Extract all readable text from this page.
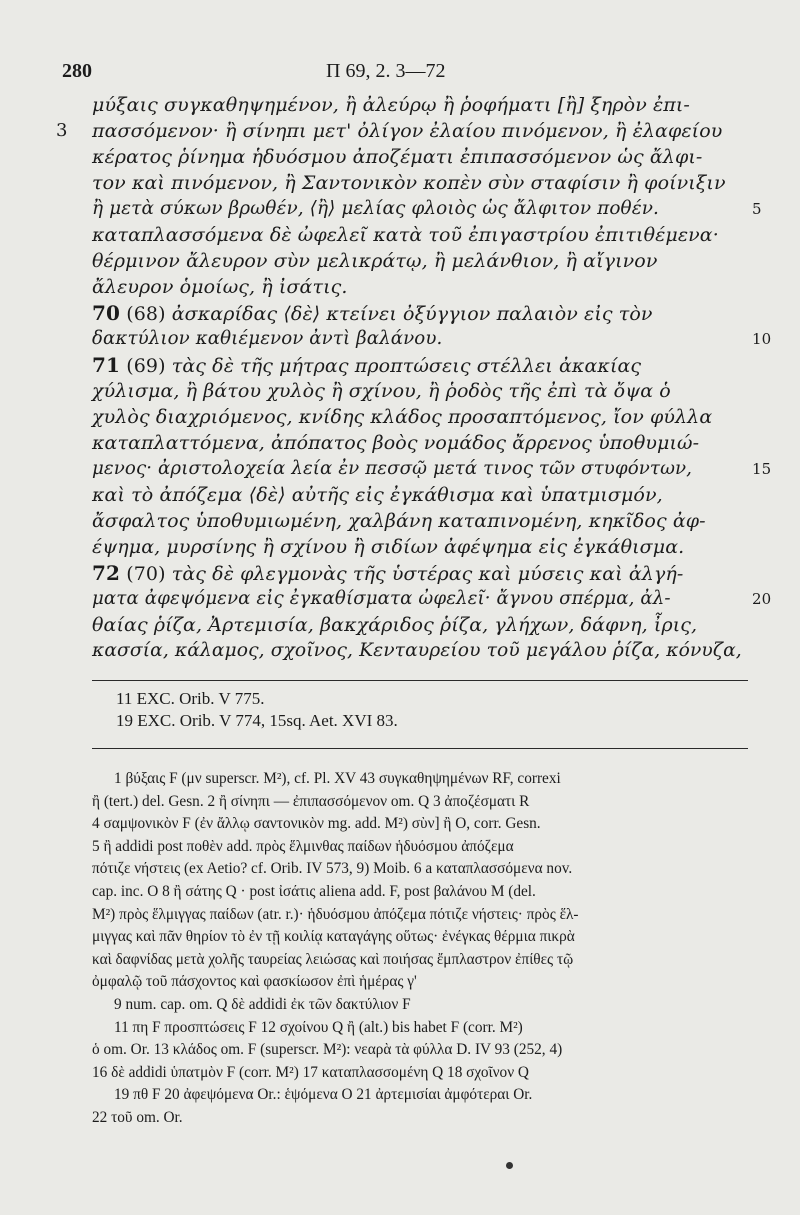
280	Π 69, 2. 3—72
μύξαις συγκαθηψημένον, ἢ ἀλεύρῳ ἢ ῥοφήματι [ἢ] ξηρὸν ἐπι-
πασσόμενον· ἢ σίνηπι μετ' ὀλίγον ἐλαίου πινόμενον, ἢ ἐλαφείου
3
κέρατος ῥίνημα ἡδυόσμου ἀποζέματι ἐπιπασσόμενον ὡς ἄλφι-
τον καὶ πινόμενον, ἢ Σαντονικὸν κοπὲν σὺν σταφίσιν ἢ φοίνιξιν
ἢ μετὰ σύκων βρωθέν, ⟨ἢ⟩ μελίας φλοιὸς ὡς ἄλφιτον ποθέν.	5
καταπλασσόμενα δὲ ὠφελεῖ κατὰ τοῦ ἐπιγαστρίου ἐπιτιθέμενα·
θέρμινον ἄλευρον σὺν μελικράτῳ, ἢ μελάνθιον, ἢ αἴγινον
ἄλευρον ὁμοίως, ἢ ἰσάτις.
70 (68) ἀσκαρίδας ⟨δὲ⟩ κτείνει ὀξύγγιον παλαιὸν εἰς τὸν
δακτύλιον καθιέμενον ἀντὶ βαλάνου.	10
71 (69) τὰς δὲ τῆς μήτρας προπτώσεις στέλλει ἀκακίας
χύλισμα, ἢ βάτου χυλὸς ἢ σχίνου, ἢ ῥοδὸς τῆς ἐπὶ τὰ ὄψα ὁ
χυλὸς διαχριόμενος, κνίδης κλάδος προσαπτόμενος, ἴον φύλλα
καταπλαττόμενα, ἀπόπατος βοὸς νομάδος ἄρρενος ὑποθυμιώ-
μενος· ἀριστολοχεία λεία ἐν πεσσῷ μετά τινος τῶν στυφόντων,	15
καὶ τὸ ἀπόζεμα ⟨δὲ⟩ αὐτῆς εἰς ἐγκάθισμα καὶ ὑπατμισμόν,
ἄσφαλτος ὑποθυμιωμένη, χαλβάνη καταπινομένη, κηκῖδος ἀφ-
έψημα, μυρσίνης ἢ σχίνου ἢ σιδίων ἀφέψημα εἰς ἐγκάθισμα.
72 (70) τὰς δὲ φλεγμονὰς τῆς ὑστέρας καὶ μύσεις καὶ ἀλγή-
ματα ἀφεψόμενα εἰς ἐγκαθίσματα ὠφελεῖ· ἄγνου σπέρμα, ἀλ-	20
θαίας ῥίζα, Ἀρτεμισία, βακχάριδος ῥίζα, γλήχων, δάφνη, ἶρις,
κασσία, κάλαμος, σχοῖνος, Κενταυρείου τοῦ μεγάλου ῥίζα, κόνυζα,
11 EXC. Orib. V 775.
19 EXC. Orib. V 774, 15sq. Aet. XVI 83.
1 βύξαις F (μν superscr. M²), cf. Pl. XV 43 συγκαθηψημένων RF, correxi
ἢ (tert.) del. Gesn. 2 ἢ σίνηπι — ἐπιπασσόμενον om. Q 3 ἀποζέσματι R
4 σαμψονικὸν F (ἐν ἄλλῳ σαντονικὸν mg. add. M²) σὺν] ἢ O, corr. Gesn.
5 ἢ addidi post ποθὲν add. πρὸς ἕλμινθας παίδων ἡδυόσμου ἀπόζεμα
πότιζε νήστεις (ex Aetio? cf. Orib. IV 573, 9) Moib. 6 a καταπλασσόμενα nov.
cap. inc. O 8 ἢ σάτης Q · post ἰσάτις aliena add. F, post βαλάνου M (del.
M²) πρὸς ἕλμιγγας παίδων (atr. r.)· ἡδυόσμου ἀπόζεμα πότιζε νήστεις· πρὸς ἕλ-
μιγγας καὶ πᾶν θηρίον τὸ ἐν τῇ κοιλίᾳ καταγάγης οὕτως· ἐνέγκας θέρμια πικρὰ
καὶ δαφνίδας μετὰ χολῆς ταυρείας λειώσας καὶ ποιήσας ἔμπλαστρον ἐπίθες τῷ
ὀμφαλῷ τοῦ πάσχοντος καὶ φασκίωσον ἐπὶ ἡμέρας γ'
9 num. cap. om. Q δὲ addidi ἐκ τῶν δακτύλιον F
11 πη F προσπτώσεις F 12 σχοίνου Q ἢ (alt.) bis habet F (corr. M²)
ὁ om. Or. 13 κλάδος om. F (superscr. M²): νεαρὰ τὰ φύλλα D. IV 93 (252, 4)
16 δὲ addidi ὑπατμὸν F (corr. M²) 17 καταπλασσομένη Q 18 σχοῖνον Q
19 πθ F 20 ἀφεψόμενα Or.: ἑψόμενα O 21 ἀρτεμισίαι ἀμφότεραι Or.
22 τοῦ om. Or.
